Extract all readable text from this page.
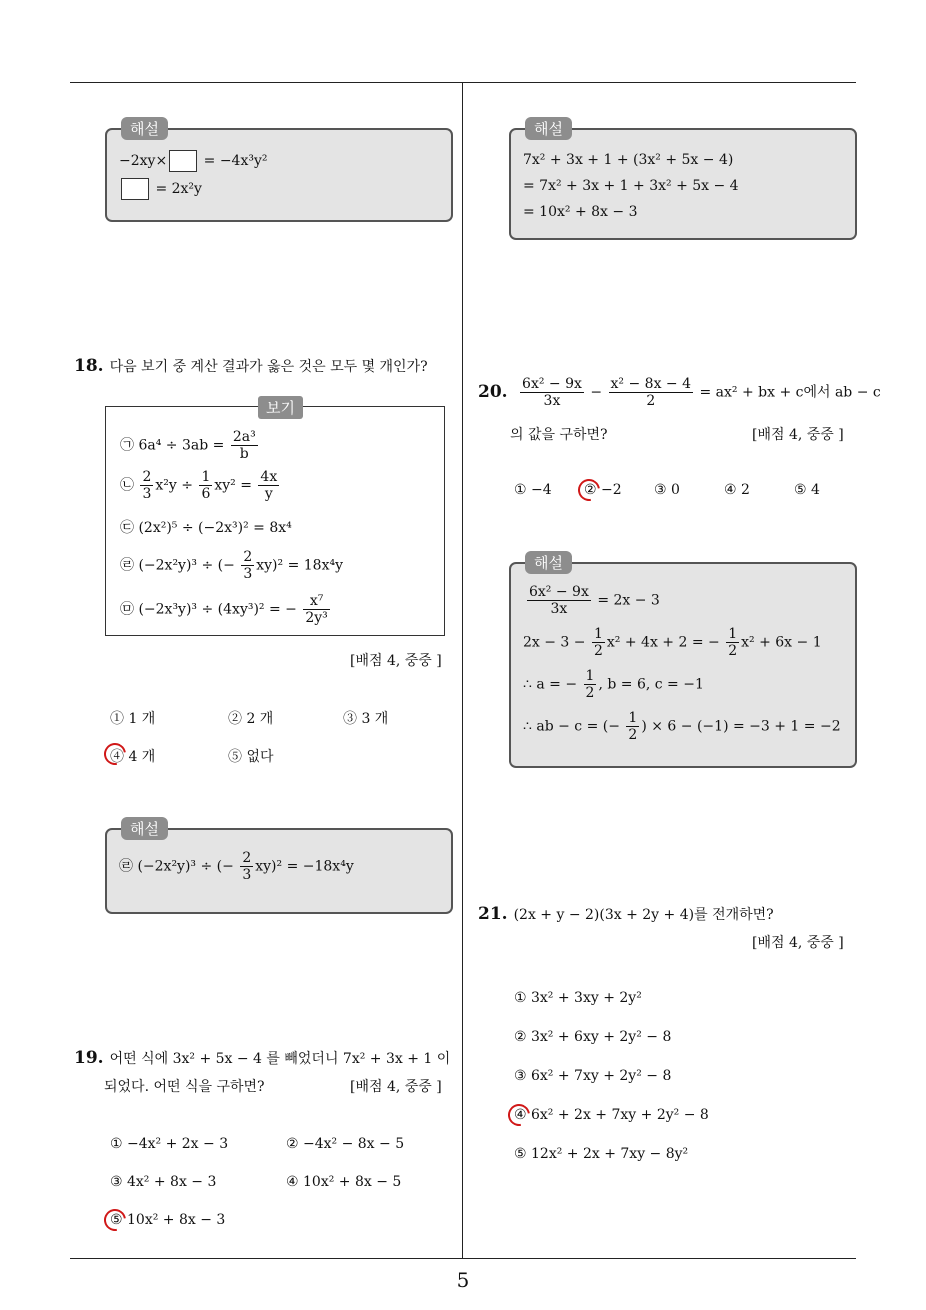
해설
−2xy×	= −4x³y²
= 2x²y
18. 다음 보기 중 계산 결과가 옳은 것은 모두 몇 개인가?
보기
㉠ $6a^4 \div 3ab = \frac{\text{2a³}}{b}$
㉡ $\frac{2}{3} x^2y \div \frac{1}{6} xy^2 = \frac{4x}{y}$
㉢ (2x²)⁵ ÷ (−2x³)² = 8x⁴
㉣ (−2x²y)³ ÷ (− $\frac{2}{3} xy)^2 = 18x^4y$
㉤ (−2x³y)³ ÷ (4xy³)² = − $\frac{\text{x⁷}}{\text{2y³}}$
[배점 4, 중중 ]
① 1 개	② 2 개	③ 3 개
④ 4 개	⑤ 없다
해설
㉣ (−2x²y)³ ÷ (− $\frac{2}{3} xy)^2 = -18x^4y$
19. 어떤 식에 3x² + 5x − 4 를 빼었더니 7x² + 3x + 1 이
되었다. 어떤 식을 구하면?	[배점 4, 중중 ]
① −4x² + 2x − 3	② −4x² − 8x − 5
③ 4x² + 8x − 3	④ 10x² + 8x − 5
⑤ 10x² + 8x − 3
해설
7x² + 3x + 1 + (3x² + 5x − 4)
= 7x² + 3x + 1 + 3x² + 5x − 4
= 10x² + 8x − 3
20. $\frac{\text{6x² − 9x}}{3x} - \frac{\text{x² − 8x − 4}}{2} = ax^2$ + bx + c에서 ab − c
의 값을 구하면?	[배점 4, 중중 ]
① −4 ② −2 ③ 0	④ 2	⑤ 4
해설
$\frac{\text{6x² − 9x}}{3x} = 2x - 3$
$2x - 3 - \frac{1}{2} x^2 + 4x + 2$ = − $\frac{1}{2} x^2 + 6x - 1$
∴ a = − $\frac{1}{2}$ , b = 6, c = −1
∴ ab − c = (− $\frac{1}{2}$ ) × 6 − (−1) = −3 + 1 = −2
21. (2x + y − 2)(3x + 2y + 4)를 전개하면?
[배점 4, 중중 ]
① 3x² + 3xy + 2y²
② 3x² + 6xy + 2y² − 8
③ 6x² + 7xy + 2y² − 8
④ 6x² + 2x + 7xy + 2y² − 8
⑤ 12x² + 2x + 7xy − 8y²
5
